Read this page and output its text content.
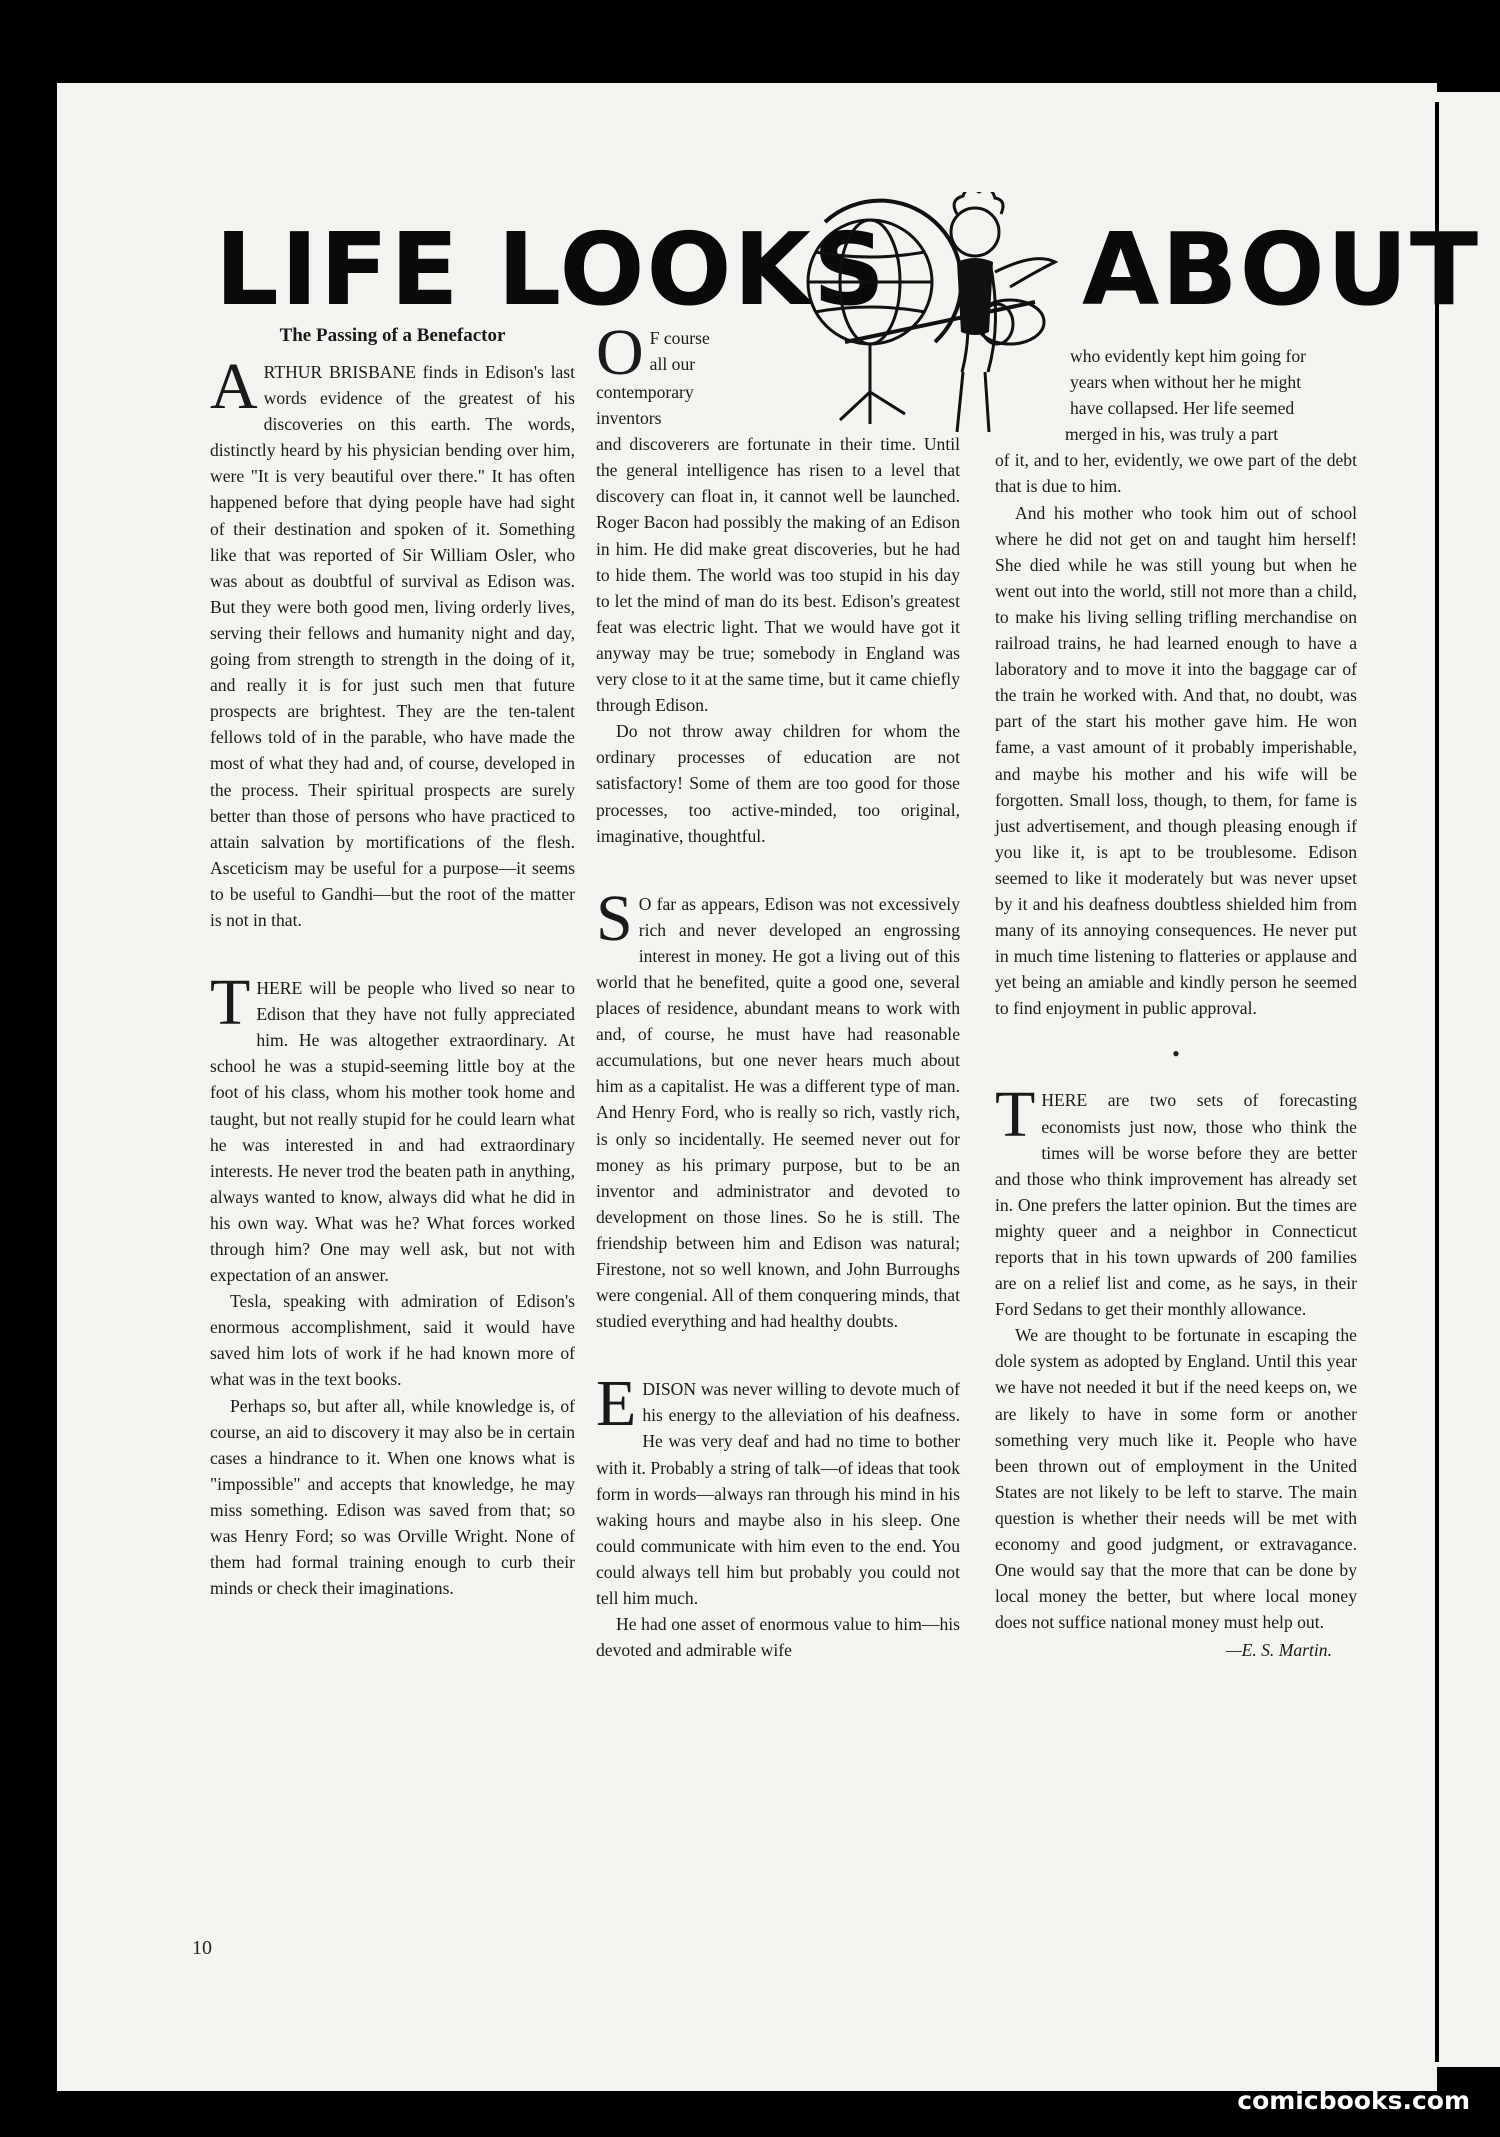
LIFE LOOKS ABOUT
The Passing of a Benefactor

ARTHUR BRISBANE finds in Edison's last words evidence of the greatest of his discoveries on this earth. The words, distinctly heard by his physician bending over him, were "It is very beautiful over there." It has often happened before that dying people have had sight of their destination and spoken of it. Something like that was reported of Sir William Osler, who was about as doubtful of survival as Edison was. But they were both good men, living orderly lives, serving their fellows and humanity night and day, going from strength to strength in the doing of it, and really it is for just such men that future prospects are brightest. They are the ten-talent fellows told of in the parable, who have made the most of what they had and, of course, developed in the process. Their spiritual prospects are surely better than those of persons who have practiced to attain salvation by mortifications of the flesh. Asceticism may be useful for a purpose—it seems to be useful to Gandhi—but the root of the matter is not in that.

THERE will be people who lived so near to Edison that they have not fully appreciated him. He was altogether extraordinary. At school he was a stupid-seeming little boy at the foot of his class, whom his mother took home and taught, but not really stupid for he could learn what he was interested in and had extraordinary interests. He never trod the beaten path in anything, always wanted to know, always did what he did in his own way. What was he? What forces worked through him? One may well ask, but not with expectation of an answer.

Tesla, speaking with admiration of Edison's enormous accomplishment, said it would have saved him lots of work if he had known more of what was in the text books.

Perhaps so, but after all, while knowledge is, of course, an aid to discovery it may also be in certain cases a hindrance to it. When one knows what is "impossible" and accepts that knowledge, he may miss something. Edison was saved from that; so was Henry Ford; so was Orville Wright. None of them had formal training enough to curb their minds or check their imaginations.

OF course all our contemporary inventors

and discoverers are fortunate in their time. Until the general intelligence has risen to a level that discovery can float in, it cannot well be launched. Roger Bacon had possibly the making of an Edison in him. He did make great discoveries, but he had to hide them. The world was too stupid in his day to let the mind of man do its best. Edison's greatest feat was electric light. That we would have got it anyway may be true; somebody in England was very close to it at the same time, but it came chiefly through Edison.

Do not throw away children for whom the ordinary processes of education are not satisfactory! Some of them are too good for those processes, too active-minded, too original, imaginative, thoughtful.

SO far as appears, Edison was not excessively rich and never developed an engrossing interest in money. He got a living out of this world that he benefited, quite a good one, several places of residence, abundant means to work with and, of course, he must have had reasonable accumulations, but one never hears much about him as a capitalist. He was a different type of man. And Henry Ford, who is really so rich, vastly rich, is only so incidentally. He seemed never out for money as his primary purpose, but to be an inventor and administrator and devoted to development on those lines. So he is still. The friendship between him and Edison was natural; Firestone, not so well known, and John Burroughs were congenial. All of them conquering minds, that studied everything and had healthy doubts.

EDISON was never willing to devote much of his energy to the alleviation of his deafness. He was very deaf and had no time to bother with it. Probably a string of talk—of ideas that took form in words—always ran through his mind in his waking hours and maybe also in his sleep. One could communicate with him even to the end. You could always tell him but probably you could not tell him much.

He had one asset of enormous value to him—his devoted and admirable wife

who evidently kept him going for

years when without her he might

have collapsed. Her life seemed

merged in his, was truly a part

of it, and to her, evidently, we owe part of the debt that is due to him.

And his mother who took him out of school where he did not get on and taught him herself! She died while he was still young but when he went out into the world, still not more than a child, to make his living selling trifling merchandise on railroad trains, he had learned enough to have a laboratory and to move it into the baggage car of the train he worked with. And that, no doubt, was part of the start his mother gave him. He won fame, a vast amount of it probably imperishable, and maybe his mother and his wife will be forgotten. Small loss, though, to them, for fame is just advertisement, and though pleasing enough if you like it, is apt to be troublesome. Edison seemed to like it moderately but was never upset by it and his deafness doubtless shielded him from many of its annoying consequences. He never put in much time listening to flatteries or applause and yet being an amiable and kindly person he seemed to find enjoyment in public approval.

•

THERE are two sets of forecasting economists just now, those who think the times will be worse before they are better and those who think improvement has already set in. One prefers the latter opinion. But the times are mighty queer and a neighbor in Connecticut reports that in his town upwards of 200 families are on a relief list and come, as he says, in their Ford Sedans to get their monthly allowance.

We are thought to be fortunate in escaping the dole system as adopted by England. Until this year we have not needed it but if the need keeps on, we are likely to have in some form or another something very much like it. People who have been thrown out of employment in the United States are not likely to be left to starve. The main question is whether their needs will be met with economy and good judgment, or extravagance. One would say that the more that can be done by local money the better, but where local money does not suffice national money must help out.

—E. S. Martin.
10
comicbooks.com
